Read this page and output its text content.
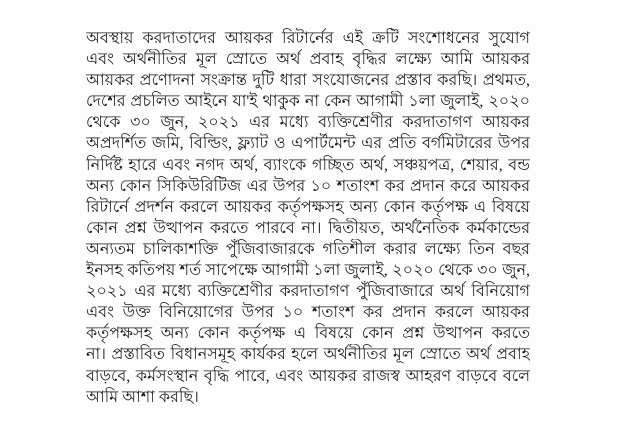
অবস্থায় করদাতাদের আয়কর রিটার্নের এই ক্রটি সংশোধনের সুযোগ
এবং অর্থনীতির মূল স্রোতে অর্থ প্রবাহ বৃদ্ধির লক্ষ্যে আমি আয়কর
আয়কর প্রণোদনা সংক্রান্ত দুটি ধারা সংযোজনের প্রস্তাব করছি। প্রথমত,
দেশের প্রচলিত আইনে যা'ই থাকুক না কেন আগামী ১লা জুলাই, ২০২০
থেকে ৩০ জুন, ২০২১ এর মধ্যে ব্যক্তিশ্রেণীর করদাতাগণ আয়কর
অপ্রদর্শিত জমি, বিল্ডিং, ফ্ল্যাট ও এপার্টমেন্ট এর প্রতি বর্গমিটারের উপর
নির্দিষ্ট হারে এবং নগদ অর্থ, ব্যাংকে গচ্ছিত অর্থ, সঞ্চয়পত্র, শেয়ার, বন্ড
অন্য কোন সিকিউরিটিজ এর উপর ১০ শতাংশ কর প্রদান করে আয়কর
রিটার্নে প্রদর্শন করলে আয়কর কর্তৃপক্ষসহ অন্য কোন কর্তৃপক্ষ এ বিষয়ে
কোন প্রশ্ন উত্থাপন করতে পারবে না। দ্বিতীয়ত, অর্থনৈতিক কর্মকান্ডের
অন্যতম চালিকাশক্তি পুঁজিবাজারকে গতিশীল করার লক্ষ্যে তিন বছর
ইনসহ কতিপয় শর্ত সাপেক্ষে আগামী ১লা জুলাই, ২০২০ থেকে ৩০ জুন,
২০২১ এর মধ্যে ব্যক্তিশ্রেণীর করদাতাগণ পুঁজিবাজারে অর্থ বিনিয়োগ
এবং উক্ত বিনিয়োগের উপর ১০ শতাংশ কর প্রদান করলে আয়কর
কর্তৃপক্ষসহ অন্য কোন কর্তৃপক্ষ এ বিষয়ে কোন প্রশ্ন উত্থাপন করতে
না। প্রস্তাবিত বিধানসমূহ কার্যকর হলে অর্থনীতির মূল স্রোতে অর্থ প্রবাহ
বাড়বে, কর্মসংস্থান বৃদ্ধি পাবে, এবং আয়কর রাজস্ব আহরণ বাড়বে বলে
আমি আশা করছি।
